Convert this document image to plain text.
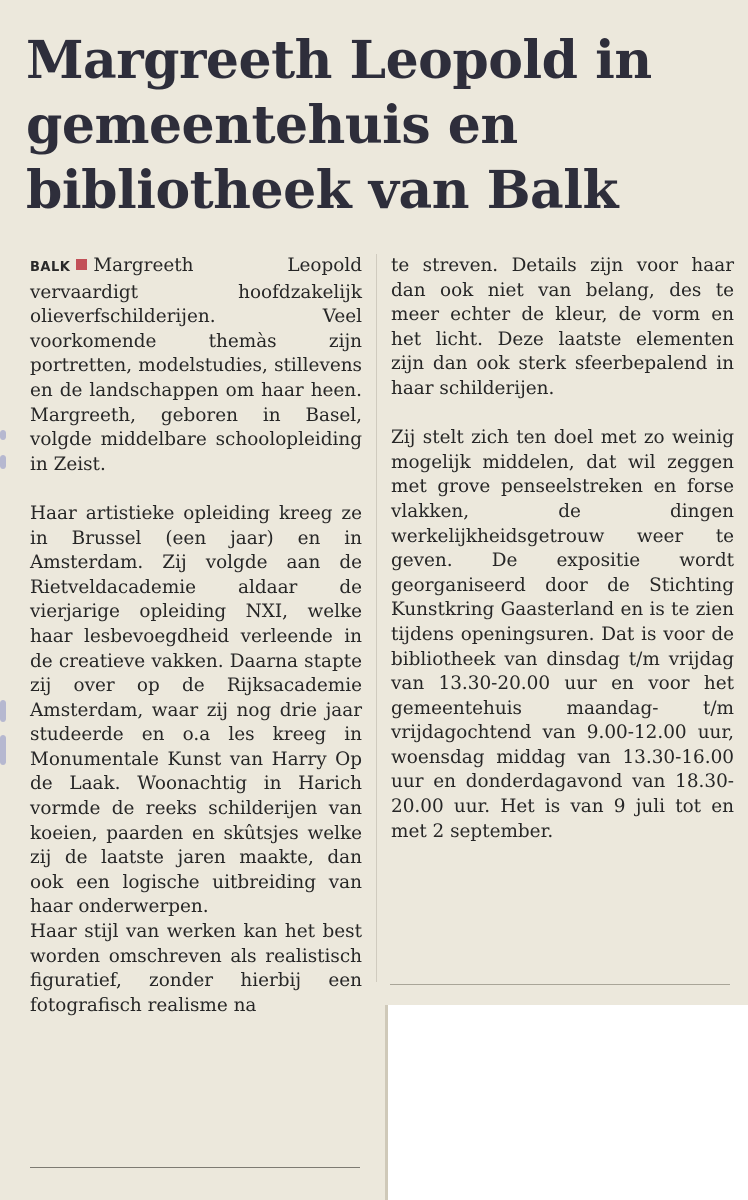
Margreeth Leopold in gemeentehuis en bibliotheek van Balk

BALK Margreeth Leopold vervaardigt hoofdzakelijk olieverfschilderijen. Veel voorkomende themàs zijn portretten, modelstudies, stillevens en de landschappen om haar heen. Margreeth, geboren in Basel, volgde middelbare schoolopleiding in Zeist.

Haar artistieke opleiding kreeg ze in Brussel (een jaar) en in Amsterdam. Zij volgde aan de Rietveldacademie aldaar de vierjarige opleiding NXI, welke haar lesbevoegdheid verleende in de creatieve vakken. Daarna stapte zij over op de Rijksacademie Amsterdam, waar zij nog drie jaar studeerde en o.a les kreeg in Monumentale Kunst van Harry Op de Laak. Woonachtig in Harich vormde de reeks schilderijen van koeien, paarden en skûtsjes welke zij de laatste jaren maakte, dan ook een logische uitbreiding van haar onderwerpen.

Haar stijl van werken kan het best worden omschreven als realistisch figuratief, zonder hierbij een fotografisch realisme na

te streven. Details zijn voor haar dan ook niet van belang, des te meer echter de kleur, de vorm en het licht. Deze laatste elementen zijn dan ook sterk sfeerbepalend in haar schilderijen.

Zij stelt zich ten doel met zo weinig mogelijk middelen, dat wil zeggen met grove penseelstreken en forse vlakken, de dingen werkelijkheidsgetrouw weer te geven. De expositie wordt georganiseerd door de Stichting Kunstkring Gaasterland en is te zien tijdens openingsuren. Dat is voor de bibliotheek van dinsdag t/m vrijdag van 13.30-20.00 uur en voor het gemeentehuis maandag- t/m vrijdagochtend van 9.00-12.00 uur, woensdag middag van 13.30-16.00 uur en donderdagavond van 18.30-20.00 uur. Het is van 9 juli tot en met 2 september.
